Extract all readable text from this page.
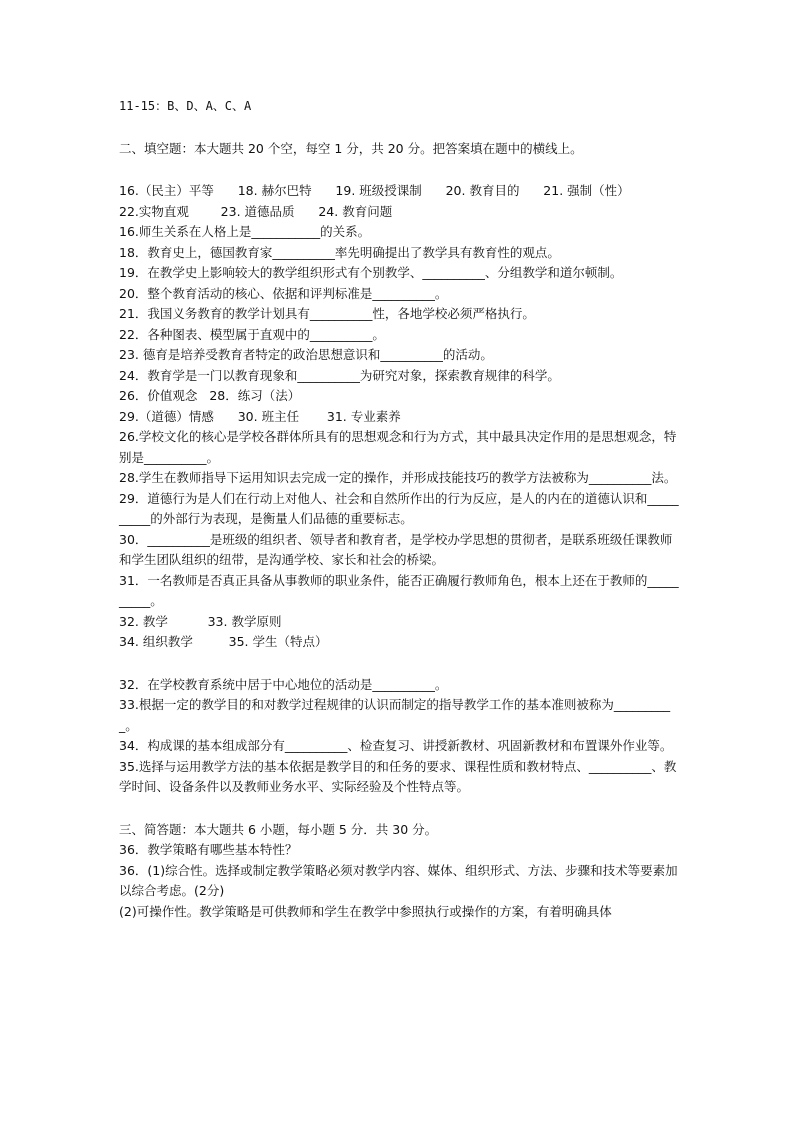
11-15：B、D、A、C、A
二、填空题：本大题共 20 个空，每空 1 分，共 20 分。把答案填在题中的横线上。
16.（民主）平等      18. 赫尔巴特      19. 班级授课制      20. 教育目的      21. 强制（性）
22.实物直观        23. 道德品质      24. 教育问题
16.师生关系在人格上是___________的关系。
18．教育史上，德国教育家__________率先明确提出了教学具有教育性的观点。
19．在教学史上影响较大的教学组织形式有个别教学、__________、分组教学和道尔顿制。
20．整个教育活动的核心、依据和评判标准是__________。
21．我国义务教育的教学计划具有__________性，各地学校必须严格执行。
22．各种图表、模型属于直观中的__________。
23. 德育是培养受教育者特定的政治思想意识和__________的活动。
24．教育学是一门以教育现象和__________为研究对象，探索教育规律的科学。
26．价值观念   28．练习（法）
29.（道德）情感      30. 班主任       31. 专业素养
26.学校文化的核心是学校各群体所具有的思想观念和行为方式，其中最具决定作用的是思想观念，特别是__________。
28.学生在教师指导下运用知识去完成一定的操作，并形成技能技巧的教学方法被称为__________法。
29．道德行为是人们在行动上对他人、社会和自然所作出的行为反应，是人的内在的道德认识和__________的外部行为表现，是衡量人们品德的重要标志。
30．__________是班级的组织者、领导者和教育者，是学校办学思想的贯彻者，是联系班级任课教师和学生团队组织的纽带，是沟通学校、家长和社会的桥梁。
31．一名教师是否真正具备从事教师的职业条件，能否正确履行教师角色，根本上还在于教师的__________。
32. 教学          33. 教学原则
34. 组织教学         35. 学生（特点）
32．在学校教育系统中居于中心地位的活动是__________。
33.根据一定的教学目的和对教学过程规律的认识而制定的指导教学工作的基本准则被称为__________。
34．构成课的基本组成部分有__________、检查复习、讲授新教材、巩固新教材和布置课外作业等。
35.选择与运用教学方法的基本依据是教学目的和任务的要求、课程性质和教材特点、__________、教学时间、设备条件以及教师业务水平、实际经验及个性特点等。
三、简答题：本大题共 6 小题，每小题 5 分．共 30 分。
36．教学策略有哪些基本特性？
36．(1)综合性。选择或制定教学策略必须对教学内容、媒体、组织形式、方法、步骤和技术等要素加以综合考虑。(2分)
(2)可操作性。教学策略是可供教师和学生在教学中参照执行或操作的方案，有着明确具体
